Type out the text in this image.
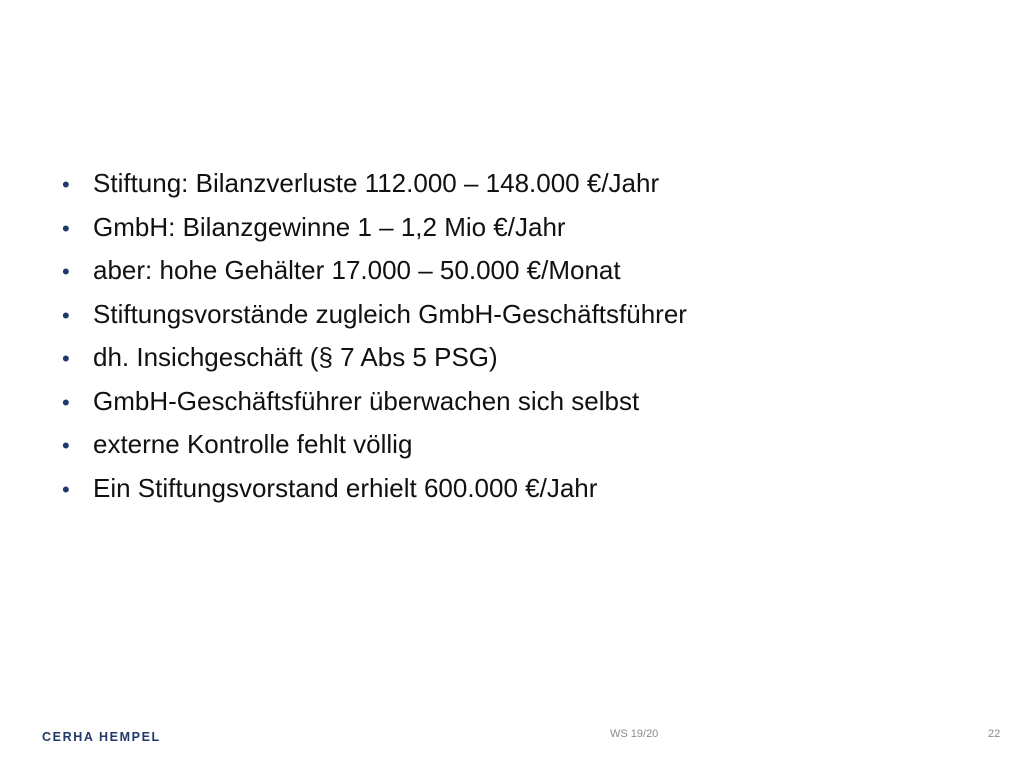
• Stiftung: Bilanzverluste 112.000 – 148.000 €/Jahr
• GmbH: Bilanzgewinne 1 – 1,2 Mio €/Jahr
• aber: hohe Gehälter 17.000 – 50.000 €/Monat
• Stiftungsvorstände zugleich GmbH-Geschäftsführer
• dh. Insichgeschäft (§ 7 Abs 5 PSG)
• GmbH-Geschäftsführer überwachen sich selbst
• externe Kontrolle fehlt völlig
• Ein Stiftungsvorstand erhielt 600.000 €/Jahr
CERHA HEMPEL	WS 19/20	22
